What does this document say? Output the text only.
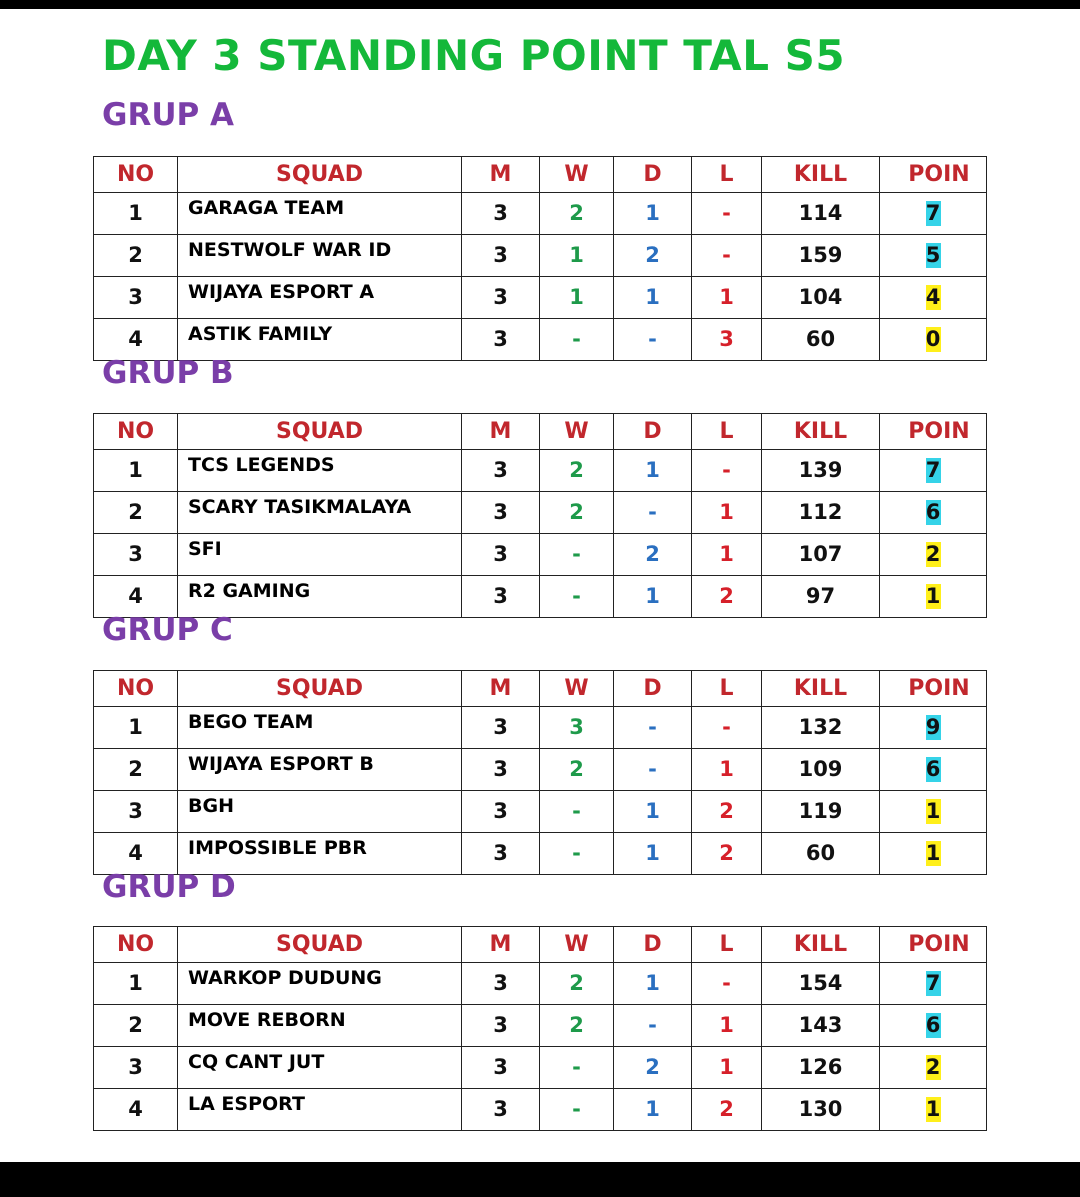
DAY 3 STANDING POINT TAL S5
GRUP A
NO	SQUAD	M	W	D	L	KILL	POIN
1	GARAGA TEAM	3	2	1	-	114	7
2	NESTWOLF WAR ID	3	1	2	-	159	5
3	WIJAYA ESPORT A	3	1	1	1	104	4
4	ASTIK FAMILY	3	-	-	3	60	0
GRUP B
NO	SQUAD	M	W	D	L	KILL	POIN
1	TCS LEGENDS	3	2	1	-	139	7
2	SCARY TASIKMALAYA	3	2	-	1	112	6
3	SFI	3	-	2	1	107	2
4	R2 GAMING	3	-	1	2	97	1
GRUP C
NO	SQUAD	M	W	D	L	KILL	POIN
1	BEGO TEAM	3	3	-	-	132	9
2	WIJAYA ESPORT B	3	2	-	1	109	6
3	BGH	3	-	1	2	119	1
4	IMPOSSIBLE PBR	3	-	1	2	60	1
GRUP D
NO	SQUAD	M	W	D	L	KILL	POIN
1	WARKOP DUDUNG	3	2	1	-	154	7
2	MOVE REBORN	3	2	-	1	143	6
3	CQ CANT JUT	3	-	2	1	126	2
4	LA ESPORT	3	-	1	2	130	1
